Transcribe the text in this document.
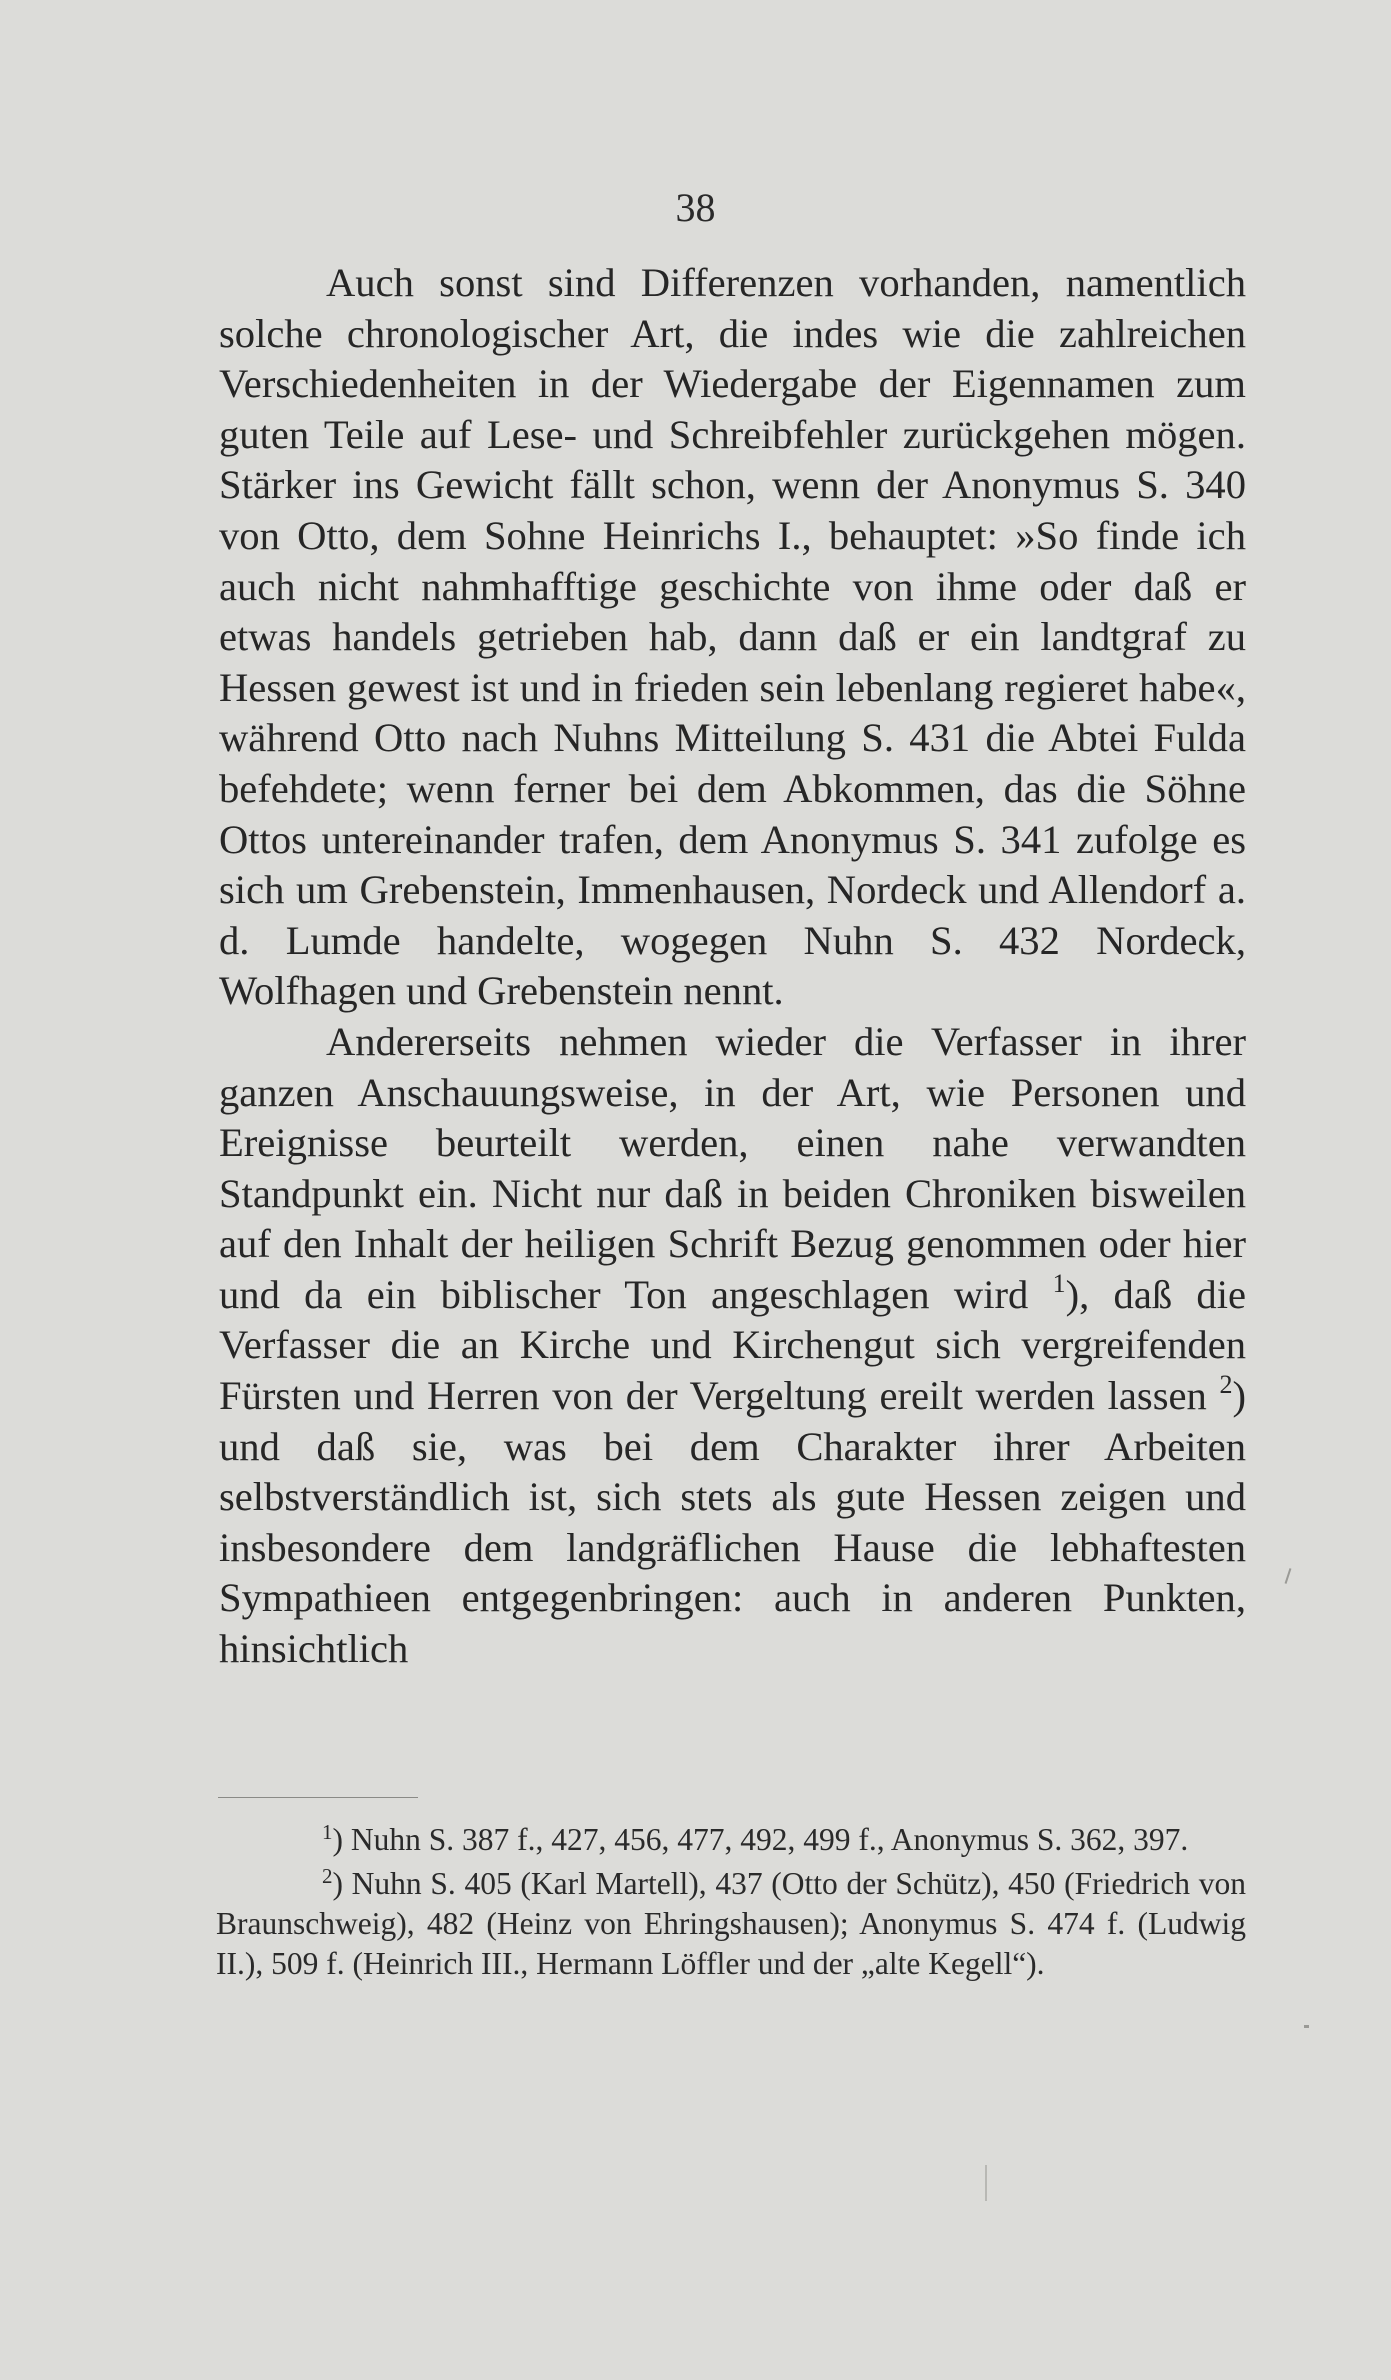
38

Auch sonst sind Differenzen vorhanden, namentlich solche chronologischer Art, die indes wie die zahlreichen Verschiedenheiten in der Wiedergabe der Eigennamen zum guten Teile auf Lese- und Schreibfehler zurückgehen mögen. Stärker ins Gewicht fällt schon, wenn der Anonymus S. 340 von Otto, dem Sohne Heinrichs I., behauptet: »So finde ich auch nicht nahmhafftige geschichte von ihme oder daß er etwas handels getrieben hab, dann daß er ein landtgraf zu Hessen gewest ist und in frieden sein lebenlang regieret habe«, während Otto nach Nuhns Mitteilung S. 431 die Abtei Fulda befehdete; wenn ferner bei dem Abkommen, das die Söhne Ottos untereinander trafen, dem Anonymus S. 341 zufolge es sich um Grebenstein, Immenhausen, Nordeck und Allendorf a. d. Lumde handelte, wogegen Nuhn S. 432 Nordeck, Wolfhagen und Grebenstein nennt.

Andererseits nehmen wieder die Verfasser in ihrer ganzen Anschauungsweise, in der Art, wie Personen und Ereignisse beurteilt werden, einen nahe verwandten Standpunkt ein. Nicht nur daß in beiden Chroniken bisweilen auf den Inhalt der heiligen Schrift Bezug genommen oder hier und da ein biblischer Ton angeschlagen wird $^1$), daß die Verfasser die an Kirche und Kirchengut sich vergreifenden Fürsten und Herren von der Vergeltung ereilt werden lassen $^2$) und daß sie, was bei dem Charakter ihrer Arbeiten selbstverständlich ist, sich stets als gute Hessen zeigen und insbesondere dem landgräflichen Hause die lebhaftesten Sympathieen entgegenbringen: auch in anderen Punkten, hinsichtlich

$^1$) Nuhn S. 387 f., 427, 456, 477, 492, 499 f., Anonymus S. 362, 397.

$^2$) Nuhn S. 405 (Karl Martell), 437 (Otto der Schütz), 450 (Friedrich von Braunschweig), 482 (Heinz von Ehringshausen); Anonymus S. 474 f. (Ludwig II.), 509 f. (Heinrich III., Hermann Löffler und der „alte Kegell“).
